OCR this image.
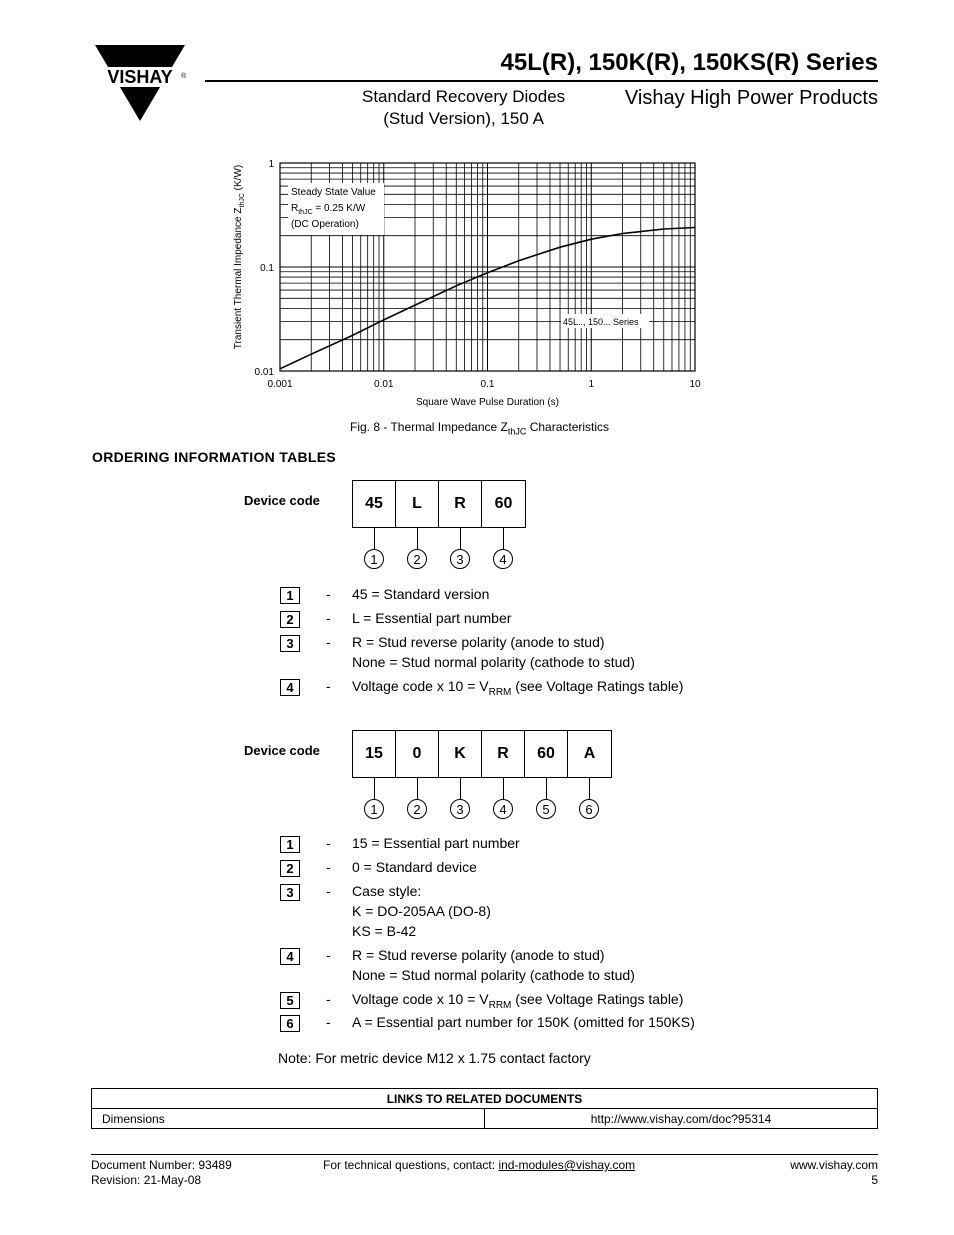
VISHAY ®
45L(R), 150K(R), 150KS(R) Series
Standard Recovery Diodes
(Stud Version), 150 A
Vishay High Power Products
0.001	0.01	0.1	1	10
1
0.1
0.01
Square Wave Pulse Duration (s)
Transient Thermal Impedance $Z_{thJC}$ (K/W)	Steady State Value
$R_{thJC} = 0.25$ K/W
(DC Operation)
45L.., 150... Series
Fig. 8 - Thermal Impedance $Z_{thJC}$ Characteristics
ORDERING INFORMATION TABLES
Device code	45	L	R	60
1	2	3	4
1	- 45 = Standard version
2	- L = Essential part number
3	- R = Stud reverse polarity (anode to stud)
None = Stud normal polarity (cathode to stud)
4	- Voltage code x $10 = V_{RRM}$ (see Voltage Ratings table)
Device code	15	0	K	R	60	A
1	2	3	4	5	6
1	- 15 = Essential part number
2	- 0 = Standard device
3	- Case style:
K = DO-205AA (DO-8)
KS = B-42
4	- R = Stud reverse polarity (anode to stud)
None = Stud normal polarity (cathode to stud)
5	- Voltage code x $10 = V_{RRM}$ (see Voltage Ratings table)
6	- A = Essential part number for 150K (omitted for 150KS)
Note: For metric device M12 x 1.75 contact factory
LINKS TO RELATED DOCUMENTS
Dimensions	http://www.vishay.com/doc?95314
Document Number: 93489
Revision: 21-May-08
For technical questions, contact: ind-modules@vishay.com	www.vishay.com
5
